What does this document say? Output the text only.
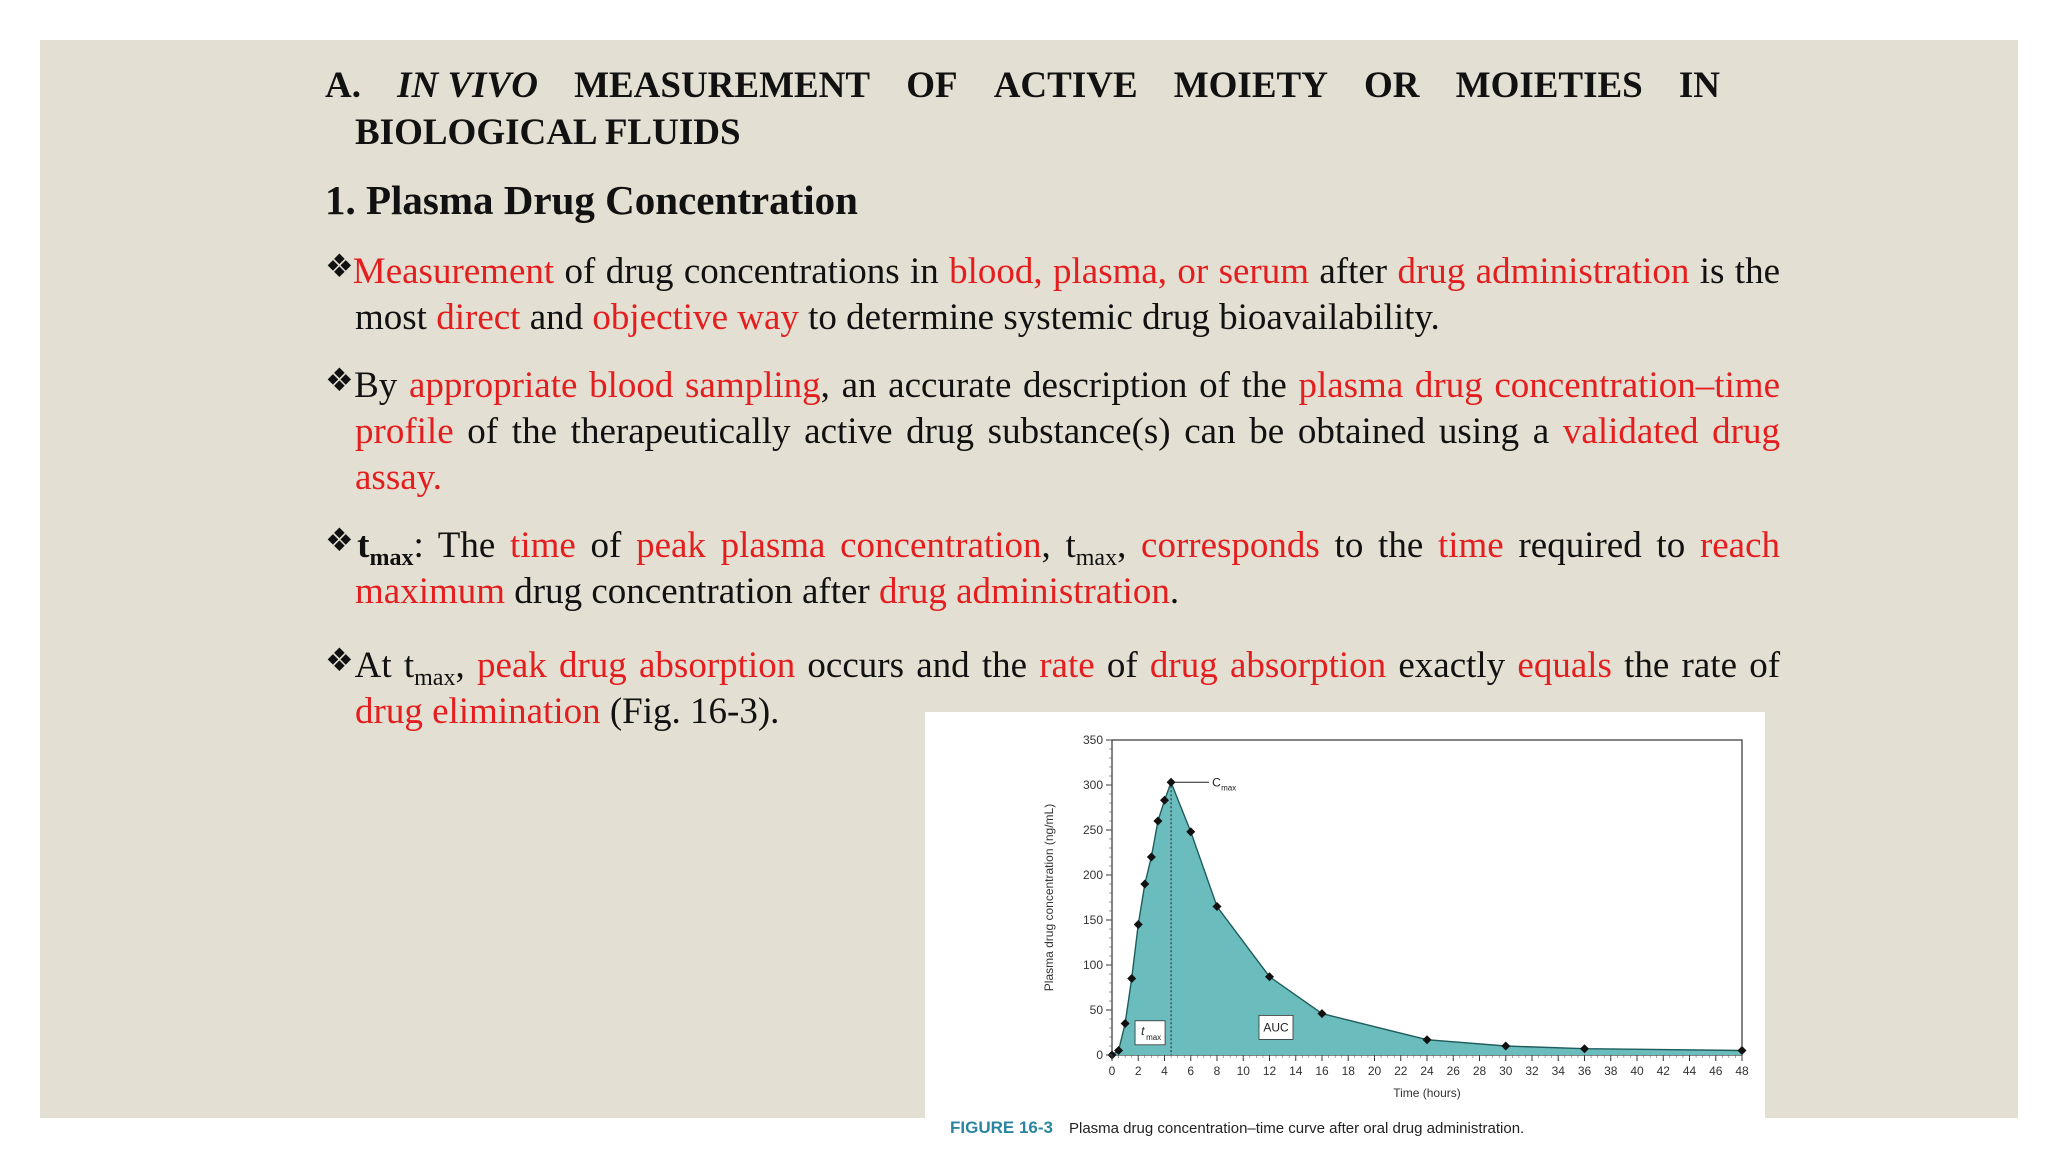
A. IN VIVO MEASUREMENT OF ACTIVE MOIETY OR MOIETIES IN
BIOLOGICAL FLUIDS
1. Plasma Drug Concentration
❖Measurement of drug concentrations in blood, plasma, or serum after drug administration is the most direct and objective way to determine systemic drug bioavailability.
❖By appropriate blood sampling, an accurate description of the plasma drug concentration–time profile of the therapeutically active drug substance(s) can be obtained using a validated drug assay.
$❖t_{max}$: The time of peak plasma concentration, $t_{max}$, corresponds to the time required to reach maximum drug concentration after drug administration.
❖At $t_{max}$, peak drug absorption occurs and the rate of drug absorption exactly equals the rate of drug elimination (Fig. 16-3).
0
50
100
150
200
250
300
350
0 2 4 6 8 10 12 14 16 18 20 22 24 26 28 30 32 34 36 38 40 42 44 46 48
Time (hours)
Plasma drug concentration (ng/mL)
C max
t max
AUC
FIGURE 16-3 Plasma drug concentration–time curve after oral drug administration.
